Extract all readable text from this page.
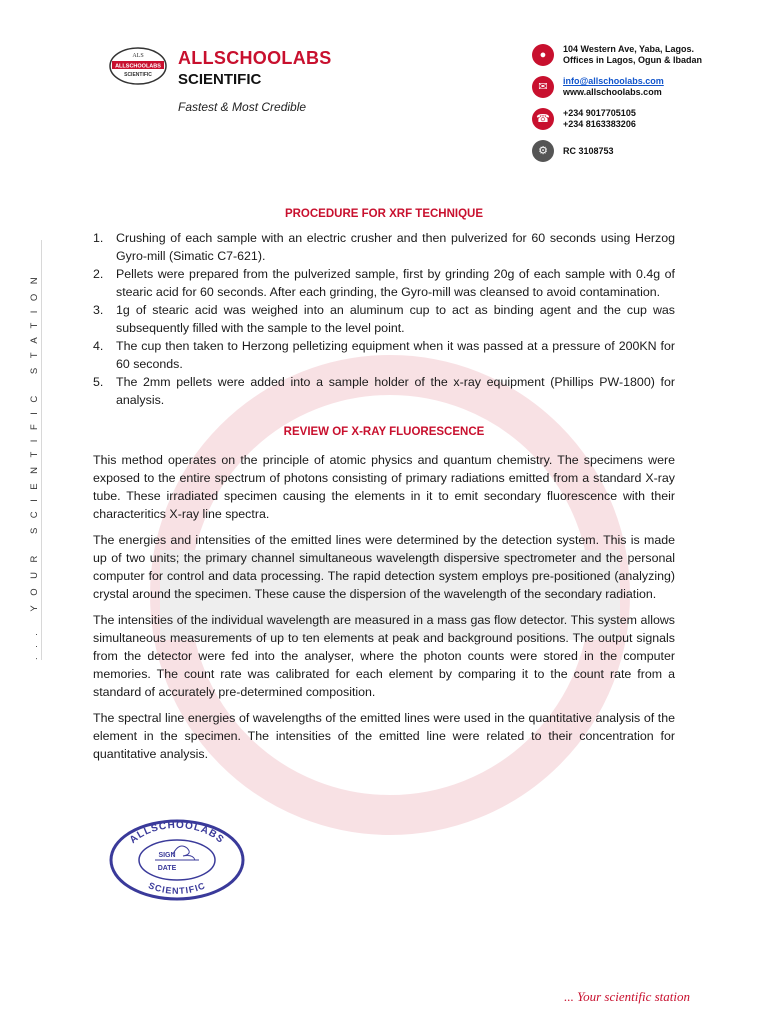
ALS
ALLSCHOOLABS
SCIENTIFIC
ALLSCHOOLABS
SCIENTIFIC
Fastest & Most Credible
●	104 Western Ave, Yaba, Lagos.
Offices in Lagos, Ogun & Ibadan
✉	info@allschoolabs.com
www.allschoolabs.com
☎	+234 9017705105
+234 8163383206
⚙	RC 3108753
... YOUR SCIENTIFIC STATION
PROCEDURE FOR XRF TECHNIQUE
1. Crushing of each sample with an electric crusher and then pulverized for 60 seconds using Herzog Gyro-mill (Simatic C7-621).
2. Pellets were prepared from the pulverized sample, first by grinding 20g of each sample with 0.4g of stearic acid for 60 seconds. After each grinding, the Gyro-mill was cleansed to avoid contamination.
3. 1g of stearic acid was weighed into an aluminum cup to act as binding agent and the cup was subsequently filled with the sample to the level point.
4. The cup then taken to Herzong pelletizing equipment when it was passed at a pressure of 200KN for 60 seconds.
5. The 2mm pellets were added into a sample holder of the x-ray equipment (Phillips PW-1800) for analysis.
REVIEW OF X-RAY FLUORESCENCE

This method operates on the principle of atomic physics and quantum chemistry. The specimens were exposed to the entire spectrum of photons consisting of primary radiations emitted from a standard X-ray tube. These irradiated specimen causing the elements in it to emit secondary fluorescence with their characteritics X-ray line spectra.

The energies and intensities of the emitted lines were determined by the detection system. This is made up of two units; the primary channel simultaneous wavelength dispersive spectrometer and the personal computer for control and data processing. The rapid detection system employs pre-positioned (analyzing) crystal around the specimen. These cause the dispersion of the wavelength of the secondary radiation.

The intensities of the individual wavelength are measured in a mass gas flow detector. This system allows simultaneous measurements of up to ten elements at peak and background positions. The output signals from the detector were fed into the analyser, where the photon counts were stored in the computer memories. The count rate was calibrated for each element by comparing it to the count rate from a standard of accurately pre-determined composition.

The spectral line energies of wavelengths of the emitted lines were used in the quantitative analysis of the element in the specimen. The intensities of the emitted line were related to their concentration for quantitative analysis.

ALLSCHOOLABS
SCIENTIFIC
SIGN
DATE
... Your scientific station
